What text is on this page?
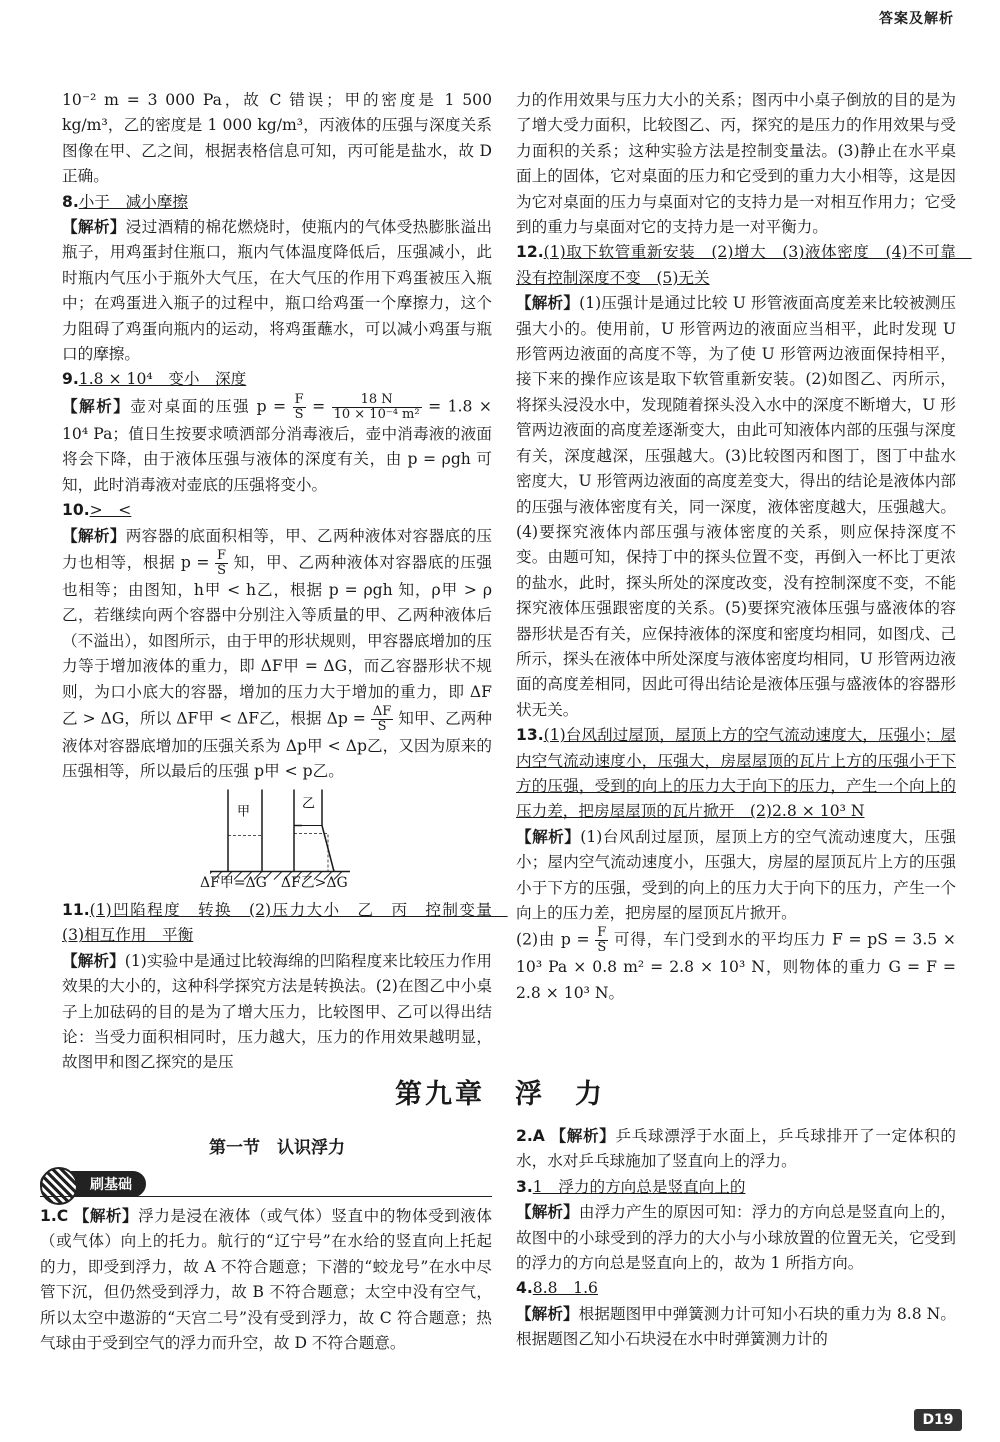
答案及解析

10⁻² m = 3 000 Pa，故 C 错误；甲的密度是 1 500 kg/m³，乙的密度是 1 000 kg/m³，丙液体的压强与深度关系图像在甲、乙之间，根据表格信息可知，丙可能是盐水，故 D 正确。

8.小于　减小摩擦
【解析】浸过酒精的棉花燃烧时，使瓶内的气体受热膨胀溢出瓶子，用鸡蛋封住瓶口，瓶内气体温度降低后，压强减小，此时瓶内气压小于瓶外大气压，在大气压的作用下鸡蛋被压入瓶中；在鸡蛋进入瓶子的过程中，瓶口给鸡蛋一个摩擦力，这个力阻碍了鸡蛋向瓶内的运动，将鸡蛋蘸水，可以减小鸡蛋与瓶口的摩擦。

9.1.8 × 10⁴　变小　深度
【解析】壶对桌面的压强 $p = \frac{F}{S} = \frac{18 N}{\text{10 × 10⁻⁴ m²}} = 1.8 \times 10^4$ Pa；值日生按要求喷洒部分消毒液后，壶中消毒液的液面将会下降，由于液体压强与液体的深度有关，由 p = ρgh 可知，此时消毒液对壶底的压强将变小。

10.>　<
【解析】两容器的底面积相等，甲、乙两种液体对容器底的压力也相等，根据 $p = \frac{F}{S}$ 知，甲、乙两种液体对容器底的压强也相等；由图知，h甲 < h乙，根据 p = ρgh 知，ρ甲 > ρ乙，若继续向两个容器中分别注入等质量的甲、乙两种液体后（不溢出），如图所示，由于甲的形状规则，甲容器底增加的压力等于增加液体的重力，即 ΔF甲 = ΔG，而乙容器形状不规则，为口小底大的容器，增加的压力大于增加的重力，即 ΔF乙 > ΔG，所以 ΔF甲 < ΔF乙，根据 $\Delta p = \frac{\Delta F}{S}$ 知甲、乙两种液体对容器底增加的压强关系为 Δp甲 < Δp乙，又因为原来的压强相等，所以最后的压强 p甲 < p乙。

甲
乙
ΔF甲=ΔG　ΔF乙>ΔG

11.(1)凹陷程度　转换　(2)压力大小　乙　丙　控制变量　(3)相互作用　平衡
【解析】(1)实验中是通过比较海绵的凹陷程度来比较压力作用效果的大小的，这种科学探究方法是转换法。(2)在图乙中小桌子上加砝码的目的是为了增大压力，比较图甲、乙可以得出结论：当受力面积相同时，压力越大，压力的作用效果越明显，故图甲和图乙探究的是压

力的作用效果与压力大小的关系；图丙中小桌子倒放的目的是为了增大受力面积，比较图乙、丙，探究的是压力的作用效果与受力面积的关系；这种实验方法是控制变量法。(3)静止在水平桌面上的固体，它对桌面的压力和它受到的重力大小相等，这是因为它对桌面的压力与桌面对它的支持力是一对相互作用力；它受到的重力与桌面对它的支持力是一对平衡力。

12.(1)取下软管重新安装　(2)增大　(3)液体密度　(4)不可靠　没有控制深度不变　(5)无关
【解析】(1)压强计是通过比较 U 形管液面高度差来比较被测压强大小的。使用前，U 形管两边的液面应当相平，此时发现 U 形管两边液面的高度不等，为了使 U 形管两边液面保持相平，接下来的操作应该是取下软管重新安装。(2)如图乙、丙所示，将探头浸没水中，发现随着探头没入水中的深度不断增大，U 形管两边液面的高度差逐渐变大，由此可知液体内部的压强与深度有关，深度越深，压强越大。(3)比较图丙和图丁，图丁中盐水密度大，U 形管两边液面的高度差变大，得出的结论是液体内部的压强与液体密度有关，同一深度，液体密度越大，压强越大。(4)要探究液体内部压强与液体密度的关系，则应保持深度不变。由题可知，保持丁中的探头位置不变，再倒入一杯比丁更浓的盐水，此时，探头所处的深度改变，没有控制深度不变，不能探究液体压强跟密度的关系。(5)要探究液体压强与盛液体的容器形状是否有关，应保持液体的深度和密度均相同，如图戊、己所示，探头在液体中所处深度与液体密度均相同，U 形管两边液面的高度差相同，因此可得出结论是液体压强与盛液体的容器形状无关。

13.(1)台风刮过屋顶，屋顶上方的空气流动速度大，压强小；屋内空气流动速度小，压强大，房屋屋顶的瓦片上方的压强小于下方的压强，受到的向上的压力大于向下的压力，产生一个向上的压力差，把房屋屋顶的瓦片掀开　(2)2.8 × 10³ N
【解析】(1)台风刮过屋顶，屋顶上方的空气流动速度大，压强小；屋内空气流动速度小，压强大，房屋的屋顶瓦片上方的压强小于下方的压强，受到的向上的压力大于向下的压力，产生一个向上的压力差，把房屋的屋顶瓦片掀开。
(2)由 $p = \frac{F}{S}$ 可得，车门受到水的平均压力 F = pS = 3.5 × 10³ Pa × 0.8 m² = 2.8 × 10³ N，则物体的重力 G = F = 2.8 × 10³ N。

第九章　浮　力
第一节　认识浮力
刷基础

1.C 【解析】浮力是浸在液体（或气体）竖直中的物体受到液体（或气体）向上的托力。航行的“辽宁号”在水给的竖直向上托起的力，即受到浮力，故 A 不符合题意；下潜的“蛟龙号”在水中尽管下沉，但仍然受到浮力，故 B 不符合题意；太空中没有空气，所以太空中遨游的“天宫二号”没有受到浮力，故 C 符合题意；热气球由于受到空气的浮力而升空，故 D 不符合题意。

2.A 【解析】乒乓球漂浮于水面上，乒乓球排开了一定体积的水，水对乒乓球施加了竖直向上的浮力。

3.1　浮力的方向总是竖直向上的
【解析】由浮力产生的原因可知：浮力的方向总是竖直向上的，故图中的小球受到的浮力的大小与小球放置的位置无关，它受到的浮力的方向总是竖直向上的，故为 1 所指方向。

4.8.8　1.6
【解析】根据题图甲中弹簧测力计可知小石块的重力为 8.8 N。根据题图乙知小石块浸在水中时弹簧测力计的

D19
